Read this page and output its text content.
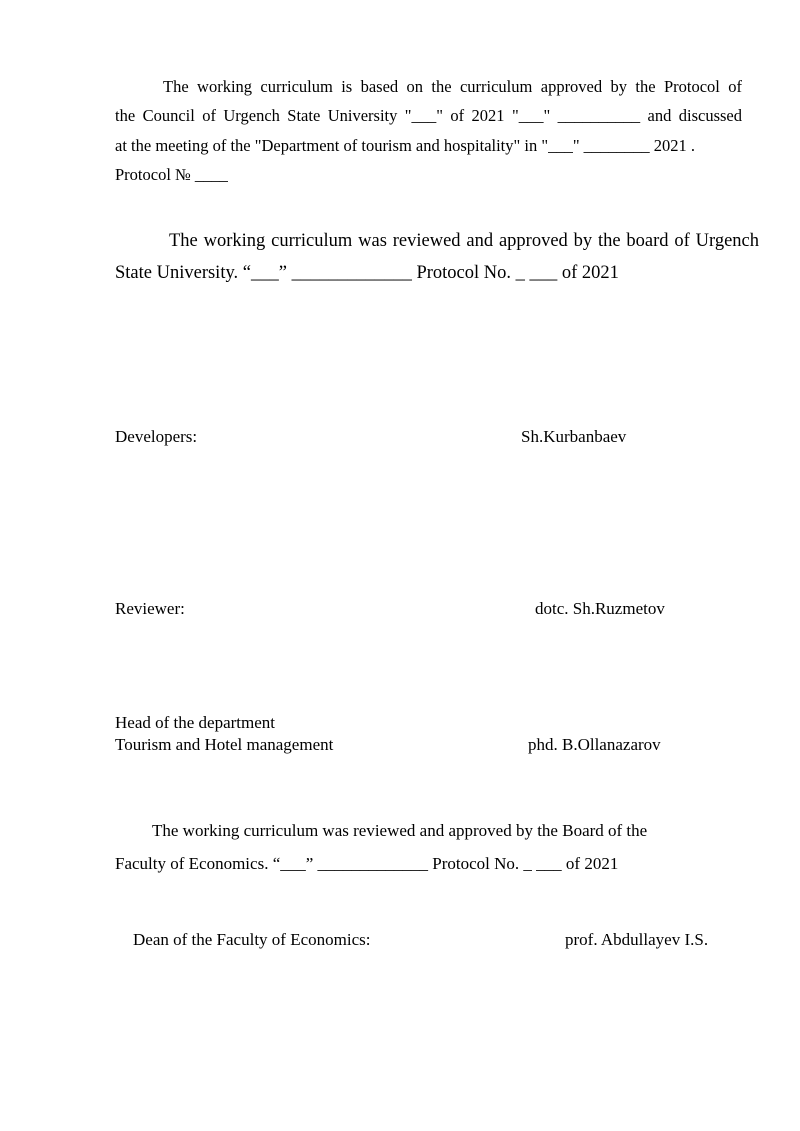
The working curriculum is based on the curriculum approved by the Protocol of
the Council of Urgench State University "___" of 2021 "___" __________ and discussed
at the meeting of the "Department of tourism and hospitality" in "___" ________ 2021 .
Protocol № ____
The working curriculum was reviewed and approved by the board of Urgench
State University. “___” _____________ Protocol No. _ ___ of 2021
Developers:	Sh.Kurbanbaev
Reviewer:	dotc. Sh.Ruzmetov
Head of the department
Tourism and Hotel management	phd. B.Ollanazarov
The working curriculum was reviewed and approved by the Board of the
Faculty of Economics. “___” _____________ Protocol No. _ ___ of 2021
Dean of the Faculty of Economics:	prof. Abdullayev I.S.
